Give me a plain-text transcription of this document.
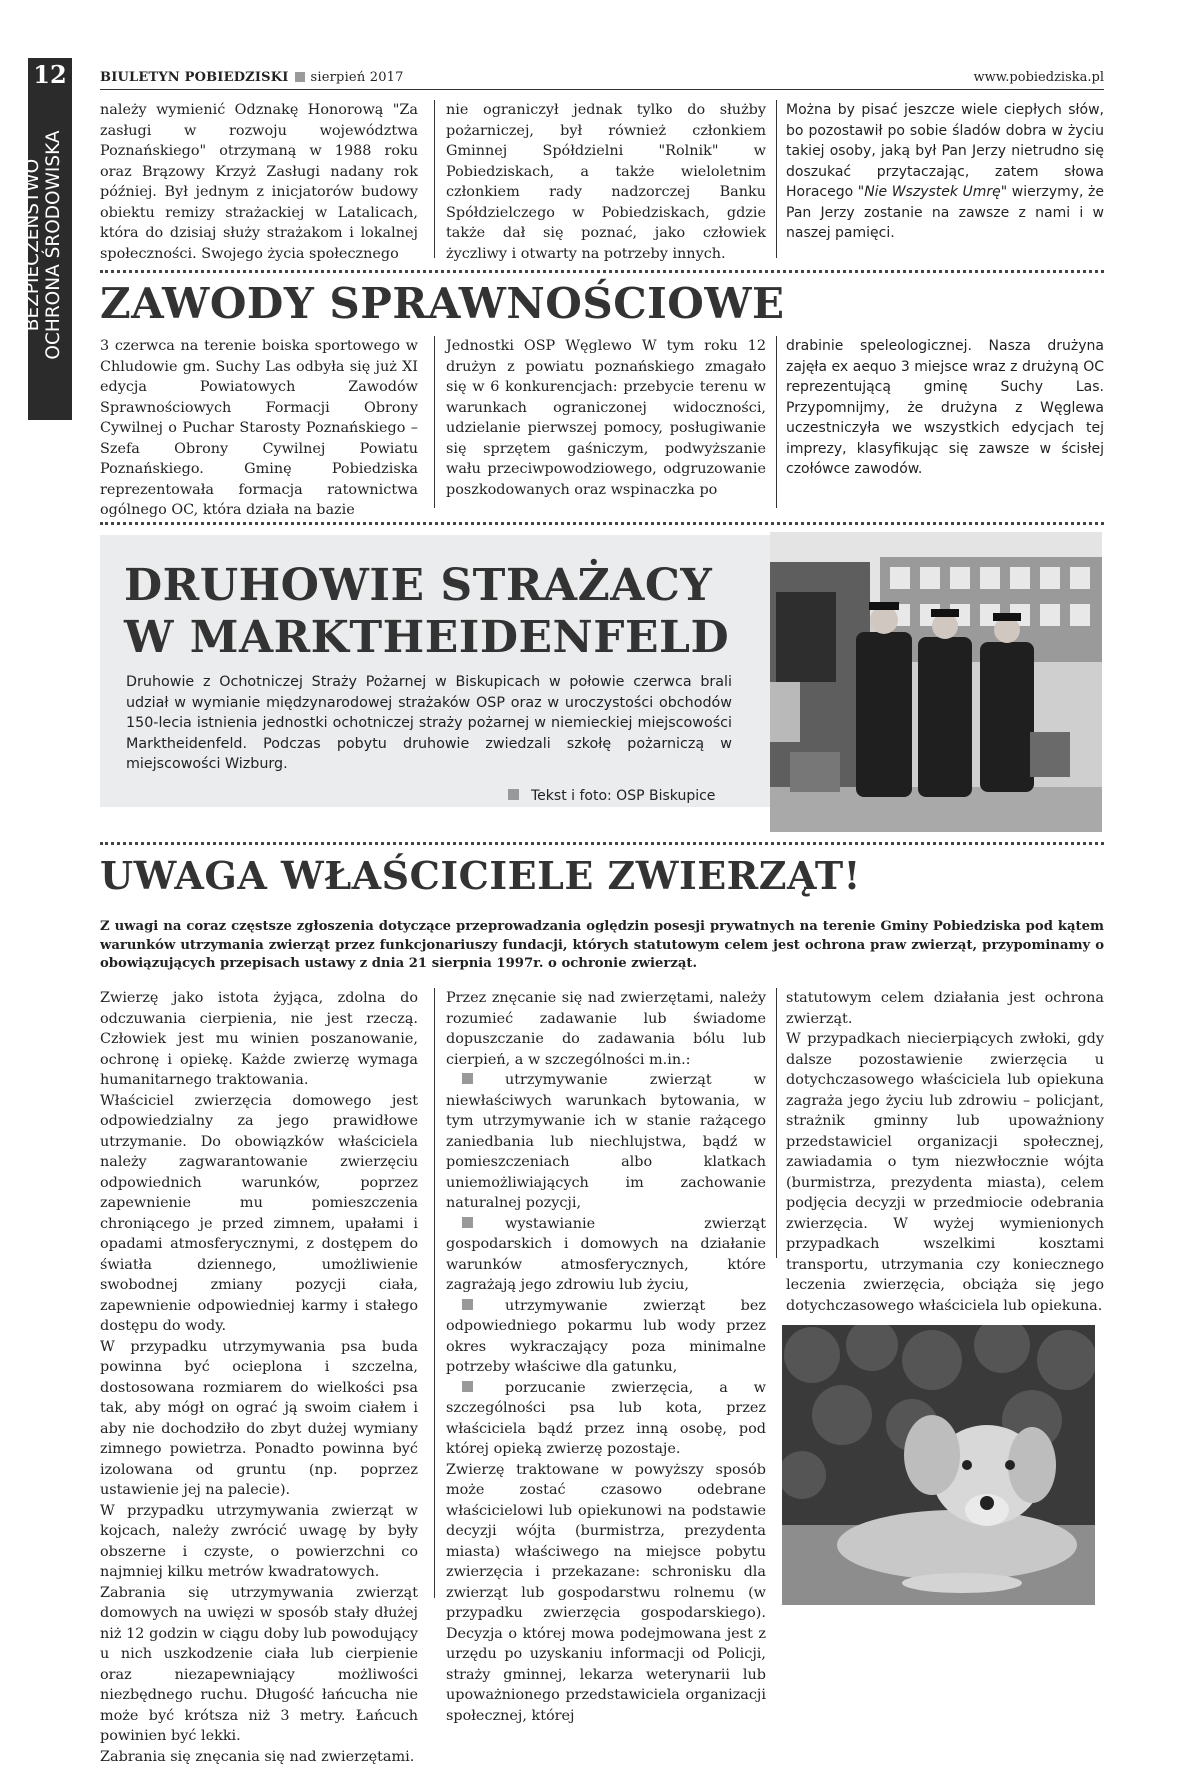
12
BEZPIECZEŃSTWO OCHRONA ŚRODOWISKA
BIULETYN POBIEDZISKI sierpień 2017	www.pobiedziska.pl
należy wymienić Odznakę Honorową "Za zasługi w rozwoju województwa Poznańskiego" otrzymaną w 1988 roku oraz Brązowy Krzyż Zasługi nadany rok później. Był jednym z inicjatorów budowy obiektu remizy strażackiej w Latalicach, która do dzisiaj służy strażakom i lokalnej społeczności. Swojego życia społecznego
nie ograniczył jednak tylko do służby pożarniczej, był również członkiem Gminnej Spółdzielni "Rolnik" w Pobiedziskach, a także wieloletnim członkiem rady nadzorczej Banku Spółdzielczego w Pobiedziskach, gdzie także dał się poznać, jako człowiek życzliwy i otwarty na potrzeby innych.
Można by pisać jeszcze wiele ciepłych słów, bo pozostawił po sobie śladów dobra w życiu takiej osoby, jaką był Pan Jerzy nietrudno się doszukać przytaczając, zatem słowa Horacego "Nie Wszystek Umrę" wierzymy, że Pan Jerzy zostanie na zawsze z nami i w naszej pamięci.
ZAWODY SPRAWNOŚCIOWE
3 czerwca na terenie boiska sportowego w Chludowie gm. Suchy Las odbyła się już XI edycja Powiatowych Zawodów Sprawnościowych Formacji Obrony Cywilnej o Puchar Starosty Poznańskiego – Szefa Obrony Cywilnej Powiatu Poznańskiego. Gminę Pobiedziska reprezentowała formacja ratownictwa ogólnego OC, która działa na bazie
Jednostki OSP Węglewo W tym roku 12 drużyn z powiatu poznańskiego zmagało się w 6 konkurencjach: przebycie terenu w warunkach ograniczonej widoczności, udzielanie pierwszej pomocy, posługiwanie się sprzętem gaśniczym, podwyższanie wału przeciwpowodziowego, odgruzowanie poszkodowanych oraz wspinaczka po
drabinie speleologicznej. Nasza drużyna zajęła ex aequo 3 miejsce wraz z drużyną OC reprezentującą gminę Suchy Las. Przypomnijmy, że drużyna z Węglewa uczestniczyła we wszystkich edycjach tej imprezy, klasyfikując się zawsze w ścisłej czołówce zawodów.
DRUHOWIE STRAŻACY
W MARKTHEIDENFELD
Druhowie z Ochotniczej Straży Pożarnej w Biskupicach w połowie czerwca brali udział w wymianie międzynarodowej strażaków OSP oraz w uroczystości obchodów 150-lecia istnienia jednostki ochotniczej straży pożarnej w niemieckiej miejscowości Marktheidenfeld. Podczas pobytu druhowie zwiedzali szkołę pożarniczą w miejscowości Wizburg.
Tekst i foto: OSP Biskupice
UWAGA WŁAŚCICIELE ZWIERZĄT!
Z uwagi na coraz częstsze zgłoszenia dotyczące przeprowadzania oględzin posesji prywatnych na terenie Gminy Pobiedziska pod kątem warunków utrzymania zwierząt przez funkcjonariuszy fundacji, których statutowym celem jest ochrona praw zwierząt, przypominamy o obowiązujących przepisach ustawy z dnia 21 sierpnia 1997r. o ochronie zwierząt.

Zwierzę jako istota żyjąca, zdolna do odczuwania cierpienia, nie jest rzeczą. Człowiek jest mu winien poszanowanie, ochronę i opiekę. Każde zwierzę wymaga humanitarnego traktowania.

Właściciel zwierzęcia domowego jest odpowiedzialny za jego prawidłowe utrzymanie. Do obowiązków właściciela należy zagwarantowanie zwierzęciu odpowiednich warunków, poprzez zapewnienie mu pomieszczenia chroniącego je przed zimnem, upałami i opadami atmosferycznymi, z dostępem do światła dziennego, umożliwienie swobodnej zmiany pozycji ciała, zapewnienie odpowiedniej karmy i stałego dostępu do wody.

W przypadku utrzymywania psa buda powinna być ocieplona i szczelna, dostosowana rozmiarem do wielkości psa tak, aby mógł on ograć ją swoim ciałem i aby nie dochodziło do zbyt dużej wymiany zimnego powietrza. Ponadto powinna być izolowana od gruntu (np. poprzez ustawienie jej na palecie).

W przypadku utrzymywania zwierząt w kojcach, należy zwrócić uwagę by były obszerne i czyste, o powierzchni co najmniej kilku metrów kwadratowych.

Zabrania się utrzymywania zwierząt domowych na uwięzi w sposób stały dłużej niż 12 godzin w ciągu doby lub powodujący u nich uszkodzenie ciała lub cierpienie oraz niezapewniający możliwości niezbędnego ruchu. Długość łańcucha nie może być krótsza niż 3 metry. Łańcuch powinien być lekki.

Zabrania się znęcania się nad zwierzętami.

Przez znęcanie się nad zwierzętami, należy rozumieć zadawanie lub świadome dopuszczanie do zadawania bólu lub cierpień, a w szczególności m.in.:

utrzymywanie zwierząt w niewłaściwych warunkach bytowania, w tym utrzymywanie ich w stanie rażącego zaniedbania lub niechlujstwa, bądź w pomieszczeniach albo klatkach uniemożliwiających im zachowanie naturalnej pozycji,

wystawianie zwierząt gospodarskich i domowych na działanie warunków atmosferycznych, które zagrażają jego zdrowiu lub życiu,

utrzymywanie zwierząt bez odpowiedniego pokarmu lub wody przez okres wykraczający poza minimalne potrzeby właściwe dla gatunku,

porzucanie zwierzęcia, a w szczególności psa lub kota, przez właściciela bądź przez inną osobę, pod której opieką zwierzę pozostaje.

Zwierzę traktowane w powyższy sposób może zostać czasowo odebrane właścicielowi lub opiekunowi na podstawie decyzji wójta (burmistrza, prezydenta miasta) właściwego na miejsce pobytu zwierzęcia i przekazane: schronisku dla zwierząt lub gospodarstwu rolnemu (w przypadku zwierzęcia gospodarskiego). Decyzja o której mowa podejmowana jest z urzędu po uzyskaniu informacji od Policji, straży gminnej, lekarza weterynarii lub upoważnionego przedstawiciela organizacji społecznej, której

statutowym celem działania jest ochrona zwierząt.

W przypadkach niecierpiących zwłoki, gdy dalsze pozostawienie zwierzęcia u dotychczasowego właściciela lub opiekuna zagraża jego życiu lub zdrowiu – policjant, strażnik gminny lub upoważniony przedstawiciel organizacji społecznej, zawiadamia o tym niezwłocznie wójta (burmistrza, prezydenta miasta), celem podjęcia decyzji w przedmiocie odebrania zwierzęcia. W wyżej wymienionych przypadkach wszelkimi kosztami transportu, utrzymania czy koniecznego leczenia zwierzęcia, obciąża się jego dotychczasowego właściciela lub opiekuna.
